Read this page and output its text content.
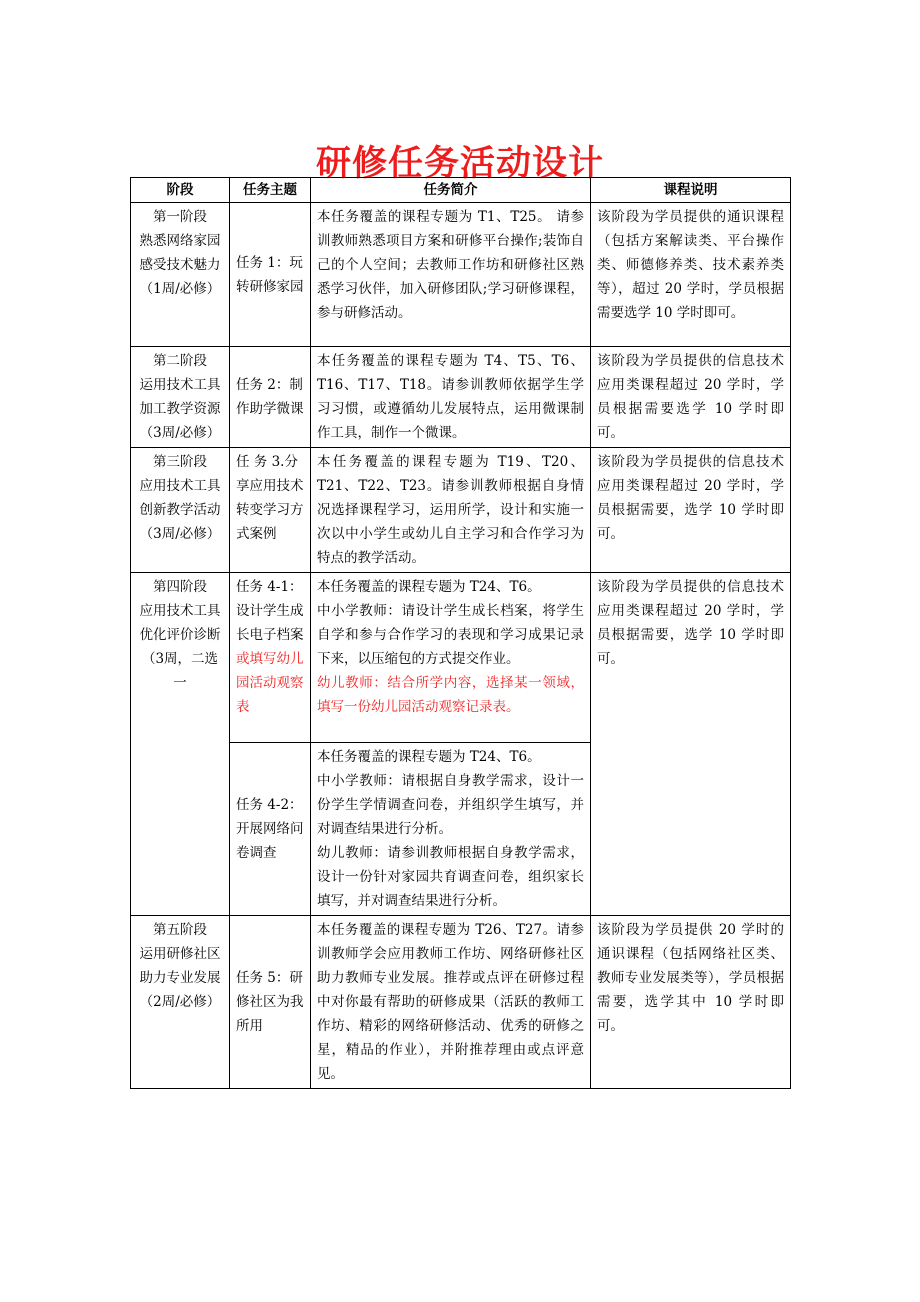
研修任务活动设计
阶段	任务主题	任务简介	课程说明

第一阶段
熟悉网络家园
感受技术魅力
（1周/必修）	任务 1：玩转研修家园	本任务覆盖的课程专题为 T1、T25。 请参训教师熟悉项目方案和研修平台操作;装饰自己的个人空间；去教师工作坊和研修社区熟悉学习伙伴，加入研修团队;学习研修课程，参与研修活动。	该阶段为学员提供的通识课程（包括方案解读类、平台操作类、师德修养类、技术素养类等），超过 20 学时，学员根据需要选学 10 学时即可。

第二阶段
运用技术工具
加工教学资源
（3周/必修）	任务 2：制作助学微课	本任务覆盖的课程专题为 T4、T5、T6、T16、T17、T18。请参训教师依据学生学习习惯，或遵循幼儿发展特点，运用微课制作工具，制作一个微课。	该阶段为学员提供的信息技术应用类课程超过 20 学时，学员根据需要选学 10 学时即可。

第三阶段
应用技术工具
创新教学活动
（3周/必修）	任 务 3.分享应用技术转变学习方式案例	本任务覆盖的课程专题为 T19、T20、T21、T22、T23。请参训教师根据自身情况选择课程学习，运用所学，设计和实施一次以中小学生或幼儿自主学习和合作学习为特点的教学活动。	该阶段为学员提供的信息技术应用类课程超过 20 学时，学员根据需要，选学 10 学时即可。

第四阶段
应用技术工具
优化评价诊断
（3周，二选一	任务 4-1：设计学生成长电子档案或填写幼儿园活动观察表	本任务覆盖的课程专题为 T24、T6。
中小学教师：请设计学生成长档案，将学生自学和参与合作学习的表现和学习成果记录下来，以压缩包的方式提交作业。
幼儿教师：结合所学内容，选择某一领域，填写一份幼儿园活动观察记录表。	该阶段为学员提供的信息技术应用类课程超过 20 学时，学员根据需要，选学 10 学时即可。
	任务 4-2：开展网络问卷调查	本任务覆盖的课程专题为 T24、T6。
中小学教师：请根据自身教学需求，设计一份学生学情调查问卷，并组织学生填写，并对调查结果进行分析。
幼儿教师：请参训教师根据自身教学需求，设计一份针对家园共育调查问卷，组织家长填写，并对调查结果进行分析。	

第五阶段
运用研修社区
助力专业发展
（2周/必修）	任务 5：研修社区为我所用	本任务覆盖的课程专题为 T26、T27。请参训教师学会应用教师工作坊、网络研修社区助力教师专业发展。推荐或点评在研修过程中对你最有帮助的研修成果（活跃的教师工作坊、精彩的网络研修活动、优秀的研修之星，精品的作业），并附推荐理由或点评意见。	该阶段为学员提供 20 学时的通识课程（包括网络社区类、教师专业发展类等），学员根据需要，选学其中 10 学时即可。
